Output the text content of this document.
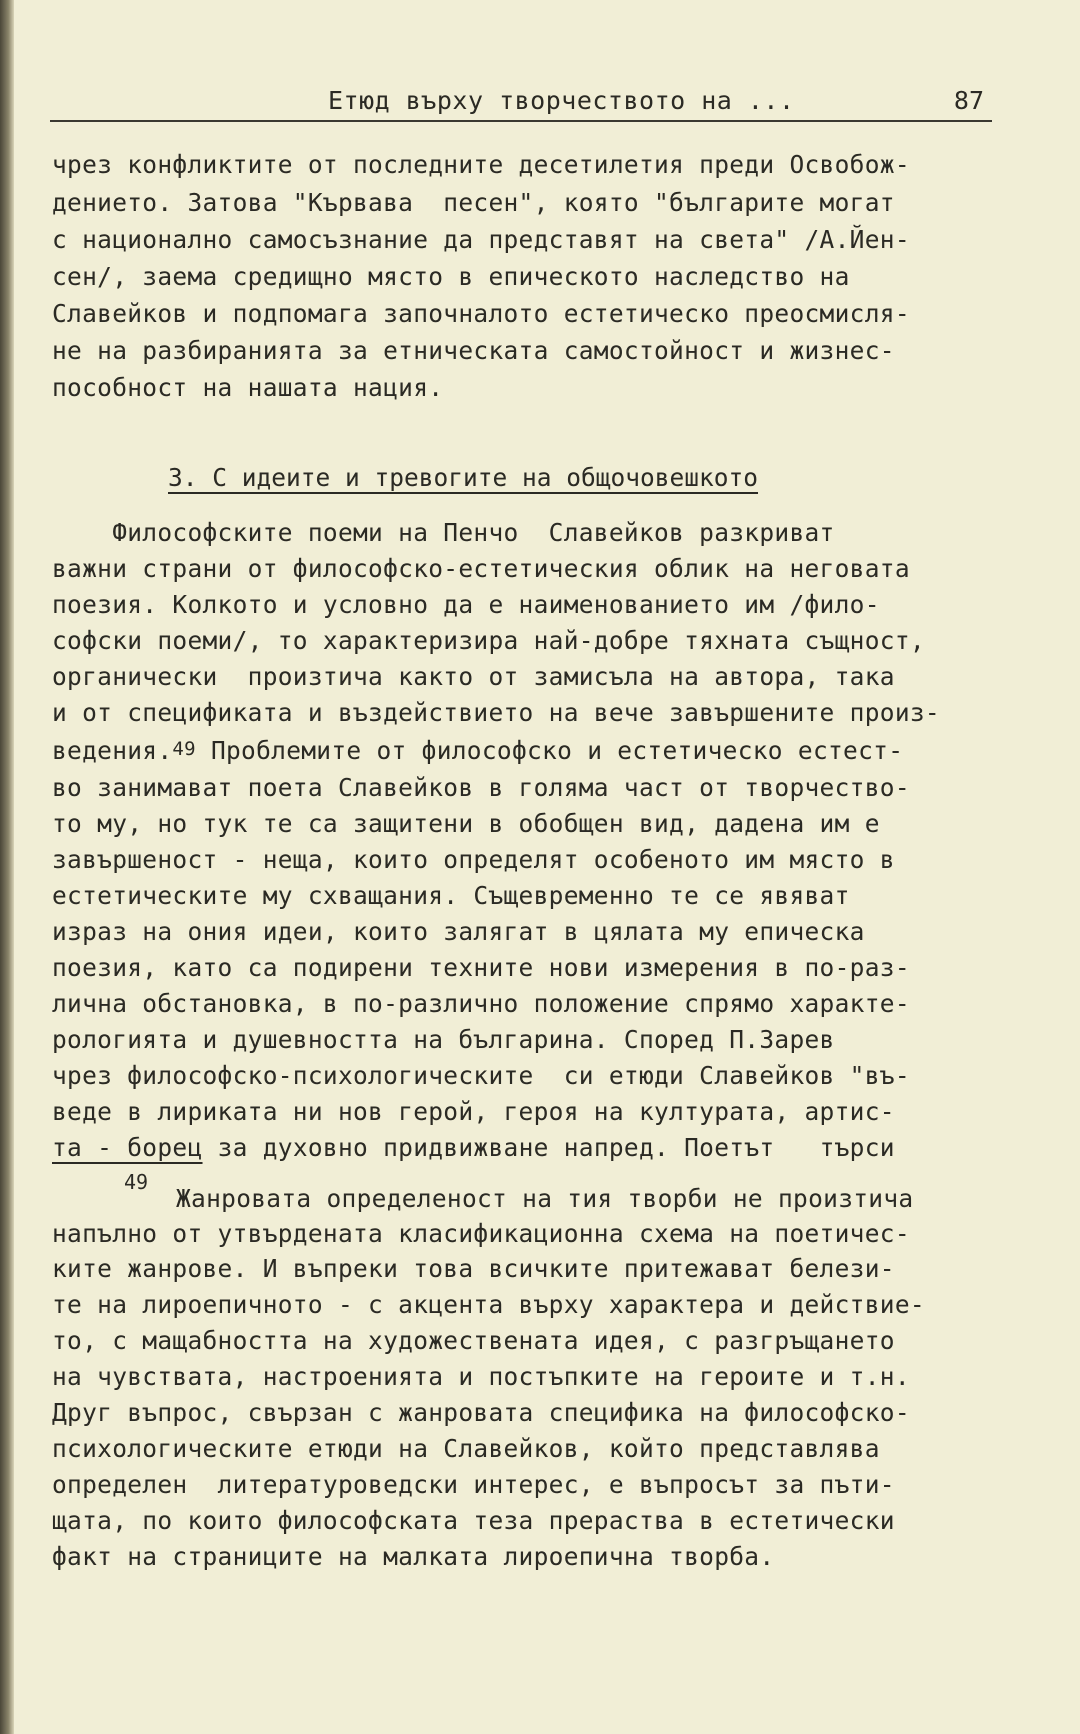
Етюд върху творчеството на ...	87
чрез конфликтите от последните десетилетия преди Освобож-
дението. Затова "Кървава  песен", която "българите могат
с национално самосъзнание да представят на света" /А.Йен-
сен/, заема средищно място в епическото наследство на
Славейков и подпомага започналото естетическо преосмисля-
не на разбиранията за етническата самостойност и жизнес-
пособност на нашата нация.
3. С идеите и тревогите на общочовешкото
Философските поеми на Пенчо  Славейков разкриват
важни страни от философско-естетическия облик на неговата
поезия. Колкото и условно да е наименованието им /фило-
софски поеми/, то характеризира най-добре тяхната същност,
органически  произтича както от замисъла на автора, така
и от спецификата и въздействието на вече завършените произ-
ведения.$^{49}$ Проблемите от философско и естетическо естест-
во занимават поета Славейков в голяма част от творчество-
то му, но тук те са защитени в обобщен вид, дадена им е
завършеност - неща, които определят особеното им място в
естетическите му схващания. Същевременно те се явяват
израз на ония идеи, които залягат в цялата му епическа
поезия, като са подирени техните нови измерения в по-раз-
лична обстановка, в по-различно положение спрямо характе-
рологията и душевността на българина. Според П.Зарев
чрез философско-психологическите  си етюди Славейков "въ-
веде в лириката ни нов герой, героя на културата, артис-
та - борец за духовно придвижване напред. Поетът   търси
49
Жанровата определеност на тия творби не произтича
напълно от утвърдената класификационна схема на поетичес-
ките жанрове. И въпреки това всичките притежават белези-
те на лироепичното - с акцента върху характера и действие-
то, с мащабността на художествената идея, с разгръщането
на чувствата, настроенията и постъпките на героите и т.н.
Друг въпрос, свързан с жанровата специфика на философско-
психологическите етюди на Славейков, който представлява
определен  литературоведски интерес, е въпросът за пъти-
щата, по които философската теза прераства в естетически
факт на страниците на малката лироепична творба.
